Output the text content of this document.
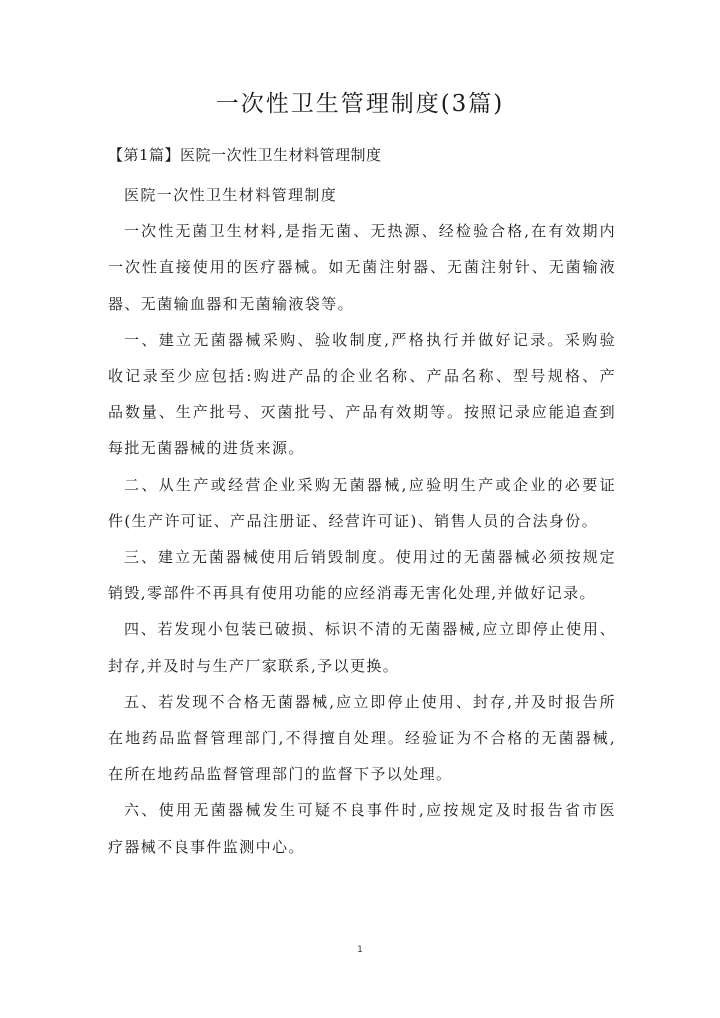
一次性卫生管理制度(3篇)
【第1篇】医院一次性卫生材料管理制度
医院一次性卫生材料管理制度
一次性无菌卫生材料,是指无菌、无热源、经检验合格,在有效期内
一次性直接使用的医疗器械。如无菌注射器、无菌注射针、无菌输液
器、无菌输血器和无菌输液袋等。
一、建立无菌器械采购、验收制度,严格执行并做好记录。采购验
收记录至少应包括:购进产品的企业名称、产品名称、型号规格、产
品数量、生产批号、灭菌批号、产品有效期等。按照记录应能追查到
每批无菌器械的进货来源。
二、从生产或经营企业采购无菌器械,应验明生产或企业的必要证
件(生产许可证、产品注册证、经营许可证)、销售人员的合法身份。
三、建立无菌器械使用后销毁制度。使用过的无菌器械必须按规定
销毁,零部件不再具有使用功能的应经消毒无害化处理,并做好记录。
四、若发现小包装已破损、标识不清的无菌器械,应立即停止使用、
封存,并及时与生产厂家联系,予以更换。
五、若发现不合格无菌器械,应立即停止使用、封存,并及时报告所
在地药品监督管理部门,不得擅自处理。经验证为不合格的无菌器械,
在所在地药品监督管理部门的监督下予以处理。
六、使用无菌器械发生可疑不良事件时,应按规定及时报告省市医
疗器械不良事件监测中心。
1
